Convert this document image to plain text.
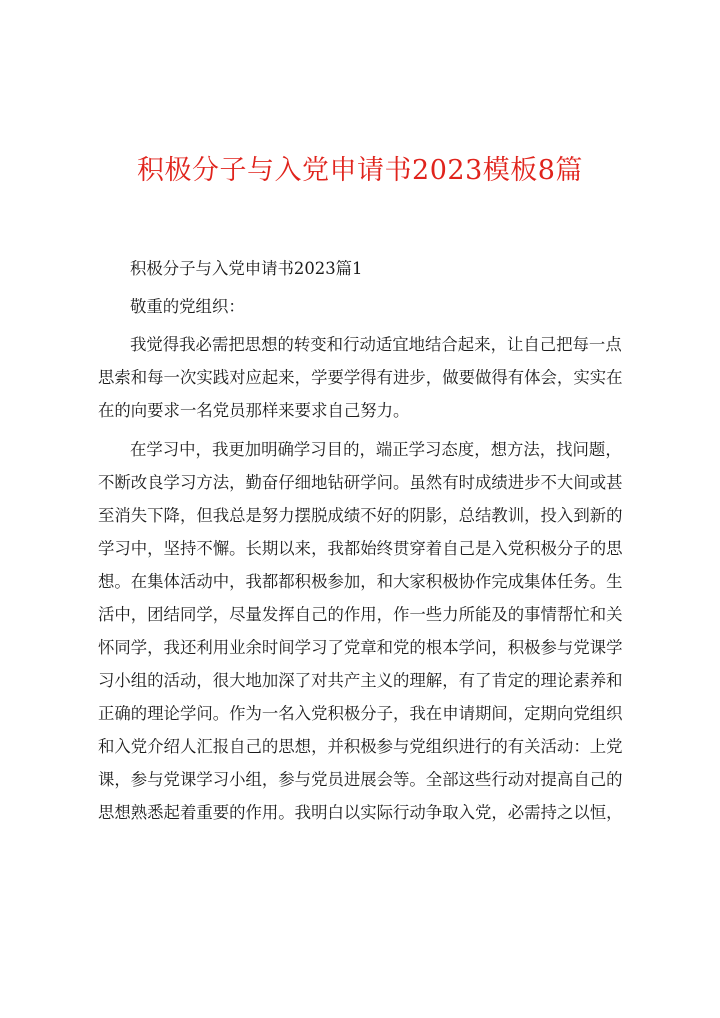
积极分子与入党申请书2023模板8篇

积极分子与入党申请书2023篇1

敬重的党组织：

我觉得我必需把思想的转变和行动适宜地结合起来，让自己把每一点

思索和每一次实践对应起来，学要学得有进步，做要做得有体会，实实在

在的向要求一名党员那样来要求自己努力。

在学习中，我更加明确学习目的，端正学习态度，想方法，找问题，

不断改良学习方法，勤奋仔细地钻研学问。虽然有时成绩进步不大间或甚

至消失下降，但我总是努力摆脱成绩不好的阴影，总结教训，投入到新的

学习中，坚持不懈。长期以来，我都始终贯穿着自己是入党积极分子的思

想。在集体活动中，我都都积极参加，和大家积极协作完成集体任务。生

活中，团结同学，尽量发挥自己的作用，作一些力所能及的事情帮忙和关

怀同学，我还利用业余时间学习了党章和党的根本学问，积极参与党课学

习小组的活动，很大地加深了对共产主义的理解，有了肯定的理论素养和

正确的理论学问。作为一名入党积极分子，我在申请期间，定期向党组织

和入党介绍人汇报自己的思想，并积极参与党组织进行的有关活动：上党

课，参与党课学习小组，参与党员进展会等。全部这些行动对提高自己的

思想熟悉起着重要的作用。我明白以实际行动争取入党，必需持之以恒，
